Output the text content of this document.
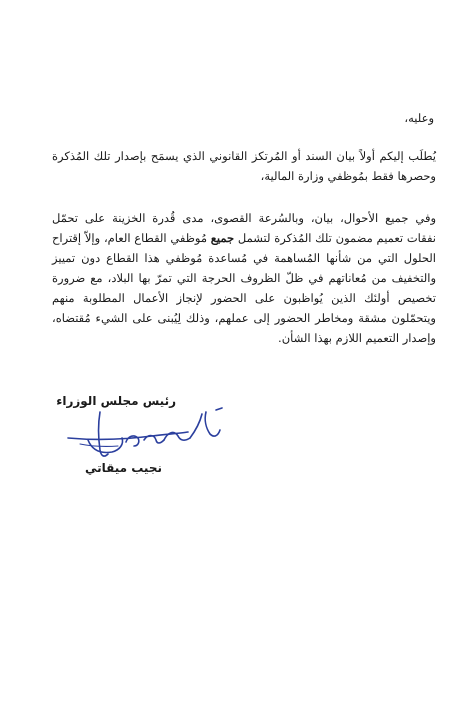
وعليه،

يُطلَب إليكم أولاً بيان السند أو المُرتكز القانوني الذي يسمَح بإصدار تلك المُذكرة وحصرها فقط بمُوظفي وزارة المالية،

وفي جميع الأحوال، بيان، وبالسُرعة القصوى، مدى قُدرة الخزينة على تحمّل نفقات تعميم مضمون تلك المُذكرة لتشمل جميع مُوظفي القطاع العام، وإلاّ إقتراح الحلول التي من شأنها المُساهمة في مُساعدة مُوظفي هذا القطاع دون تمييز والتخفيف من مُعاناتهم في ظلّ الظروف الحرجة التي تمرّ بها البلاد، مع ضرورة تخصيص أولئك الذين يُواظبون على الحضور لإنجاز الأعمال المطلوبة منهم ويتحمّلون مشقة ومخاطر الحضور إلى عملهم، وذلك لِيُبنى على الشيء مُقتضاه، وإصدار التعميم اللازم بهذا الشأن.

رئيس مجلس الوزراء
نجيب ميقاتي
